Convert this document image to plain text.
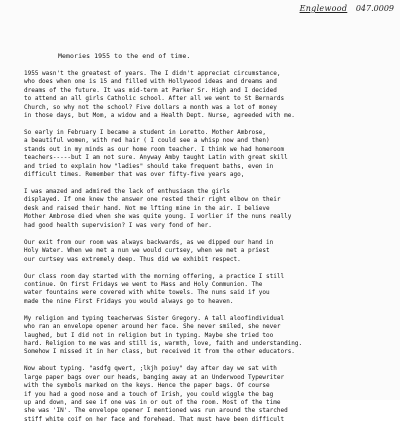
Englewood 047.0009
Memories 1955 to the end of time.
1955 wasn't the greatest of years. The I didn't appreciat circumstance,
who does when one is 15 and filled with Hollywood ideas and dreams and
dreams of the future. It was mid-term at Parker Sr. High and I decided
to attend an all girls Catholic school. After all we went to St Bernards
Church, so why not the school? Five dollars a month was a lot of money
in those days, but Mom, a widow and a Health Dept. Nurse, agreeded with me.
So early in February I became a student in Loretto. Mother Ambrose,
a beautiful women, with red hair ( I could see a whisp now and then)
stands out in my minds as our home room teacher. I think we had homeroom
teachers-----but I am not sure. Anyway Amby taught Latin with great skill
and tried to explain how "ladies" should take frequent baths, even in
difficult times. Remember that was over fifty-five years ago,
I was amazed and admired the lack of enthusiasm the girls
displayed. If one knew the answer one rested their right elbow on their
desk and raised their hand. Not me lfting mine in the air. I believe
Mother Ambrose died when she was quite young. I worlier if the nuns really
had good health supervision? I was very fond of her.
Our exit from our room was always backwards, as we dipped our hand in
Holy Water. When we met a nun we would curtsey, when we met a priest
our curtsey was extremely deep. Thus did we exhibit respect.
Our class room day started with the morning offering, a practice I still
continue. On first Fridays we went to Mass and Holy Communion. The
water fountains were covered with white towels. The nuns said if you
made the nine First Fridays you would always go to heaven.
My religion and typing teacherwas Sister Gregory. A tall aloofindividual
who ran an envelope opener around her face. She never smiled, she never
laughed, but I did not in religion but in typing. Maybe she tried too
hard. Religion to me was and still is, warmth, love, faith and understanding.
Somehow I missed it in her class, but received it from the other educators.
Now about typing. "asdfg qwert, ;lkjh poiuy" day after day we sat with
large paper bags over our heads, banging away at an Underwood Typewriter
with the symbols marked on the keys. Hence the paper bags. Of course
if you had a good nose and a touch of Irish, you could wiggle the bag
up and down, and see if one was in or out of the room. Most of the time
she was 'IN'. The envelope opener I mentioned was run around the starched
stiff white coif on her face and forehead. That must have been difficult
